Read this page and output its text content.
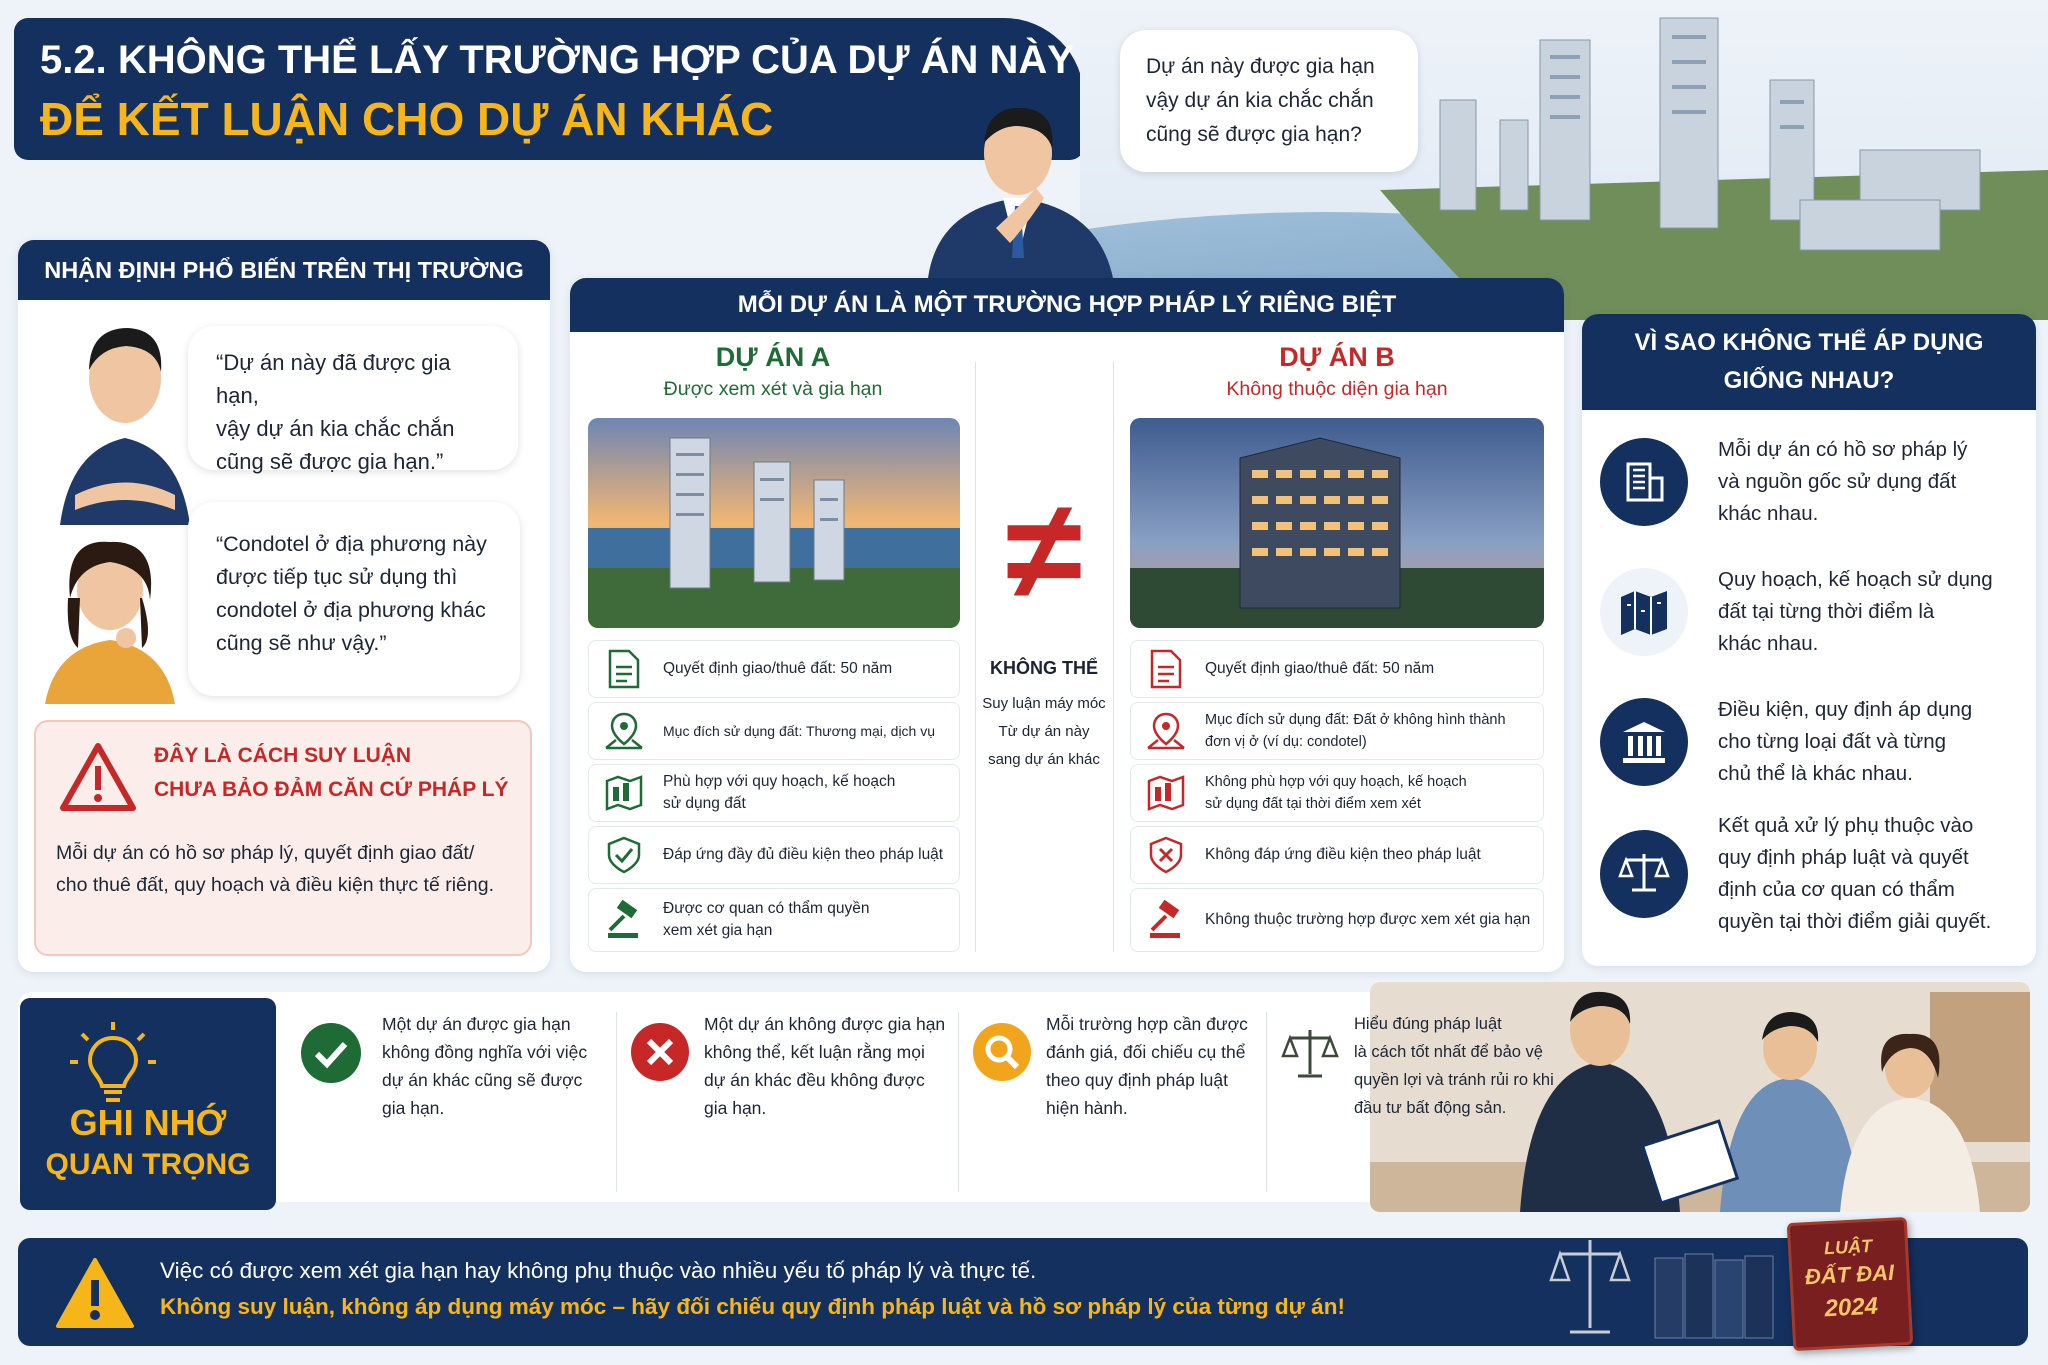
5.2. KHÔNG THỂ LẤY TRƯỜNG HỢP CỦA DỰ ÁN NÀY
ĐỂ KẾT LUẬN CHO DỰ ÁN KHÁC
Dự án này được gia hạn
vậy dự án kia chắc chắn
cũng sẽ được gia hạn?
NHẬN ĐỊNH PHỔ BIẾN TRÊN THỊ TRƯỜNG
“Dự án này đã được gia hạn,
vậy dự án kia chắc chắn
cũng sẽ được gia hạn.”
“Condotel ở địa phương này
được tiếp tục sử dụng thì
condotel ở địa phương khác
cũng sẽ như vậy.”
ĐÂY LÀ CÁCH SUY LUẬN
CHƯA BẢO ĐẢM CĂN CỨ PHÁP LÝ
Mỗi dự án có hồ sơ pháp lý, quyết định giao đất/
cho thuê đất, quy hoạch và điều kiện thực tế riêng.
MỖI DỰ ÁN LÀ MỘT TRƯỜNG HỢP PHÁP LÝ RIÊNG BIỆT
DỰ ÁN A
Được xem xét và gia hạn
Quyết định giao/thuê đất: 50 năm
Mục đích sử dụng đất: Thương mại, dịch vụ
Phù hợp với quy hoạch, kế hoạch
sử dụng đất
Đáp ứng đầy đủ điều kiện theo pháp luật
Được cơ quan có thẩm quyền
xem xét gia hạn
≠
KHÔNG THỂ
Suy luận máy móc
Từ dự án này
sang dự án khác
DỰ ÁN B
Không thuộc diện gia hạn
Quyết định giao/thuê đất: 50 năm
Mục đích sử dụng đất: Đất ở không hình thành
đơn vị ở (ví dụ: condotel)
Không phù hợp với quy hoạch, kế hoạch
sử dụng đất tại thời điểm xem xét
Không đáp ứng điều kiện theo pháp luật
Không thuộc trường hợp được xem xét gia hạn
VÌ SAO KHÔNG THỂ ÁP DỤNG
GIỐNG NHAU?
Mỗi dự án có hồ sơ pháp lý
và nguồn gốc sử dụng đất
khác nhau.
Quy hoạch, kế hoạch sử dụng
đất tại từng thời điểm là
khác nhau.
Điều kiện, quy định áp dụng
cho từng loại đất và từng
chủ thể là khác nhau.
Kết quả xử lý phụ thuộc vào
quy định pháp luật và quyết
định của cơ quan có thẩm
quyền tại thời điểm giải quyết.
GHI NHỚ
QUAN TRỌNG
Một dự án được gia hạn
không đồng nghĩa với việc
dự án khác cũng sẽ được
gia hạn.
Một dự án không được gia hạn
không thể, kết luận rằng mọi
dự án khác đều không được
gia hạn.
Mỗi trường hợp cần được
đánh giá, đối chiếu cụ thể
theo quy định pháp luật
hiện hành.
Hiểu đúng pháp luật
là cách tốt nhất để bảo vệ
quyền lợi và tránh rủi ro khi
đầu tư bất động sản.
Việc có được xem xét gia hạn hay không phụ thuộc vào nhiều yếu tố pháp lý và thực tế.
Không suy luận, không áp dụng máy móc – hãy đối chiếu quy định pháp luật và hồ sơ pháp lý của từng dự án!
LUẬT
ĐẤT ĐAI
2024
